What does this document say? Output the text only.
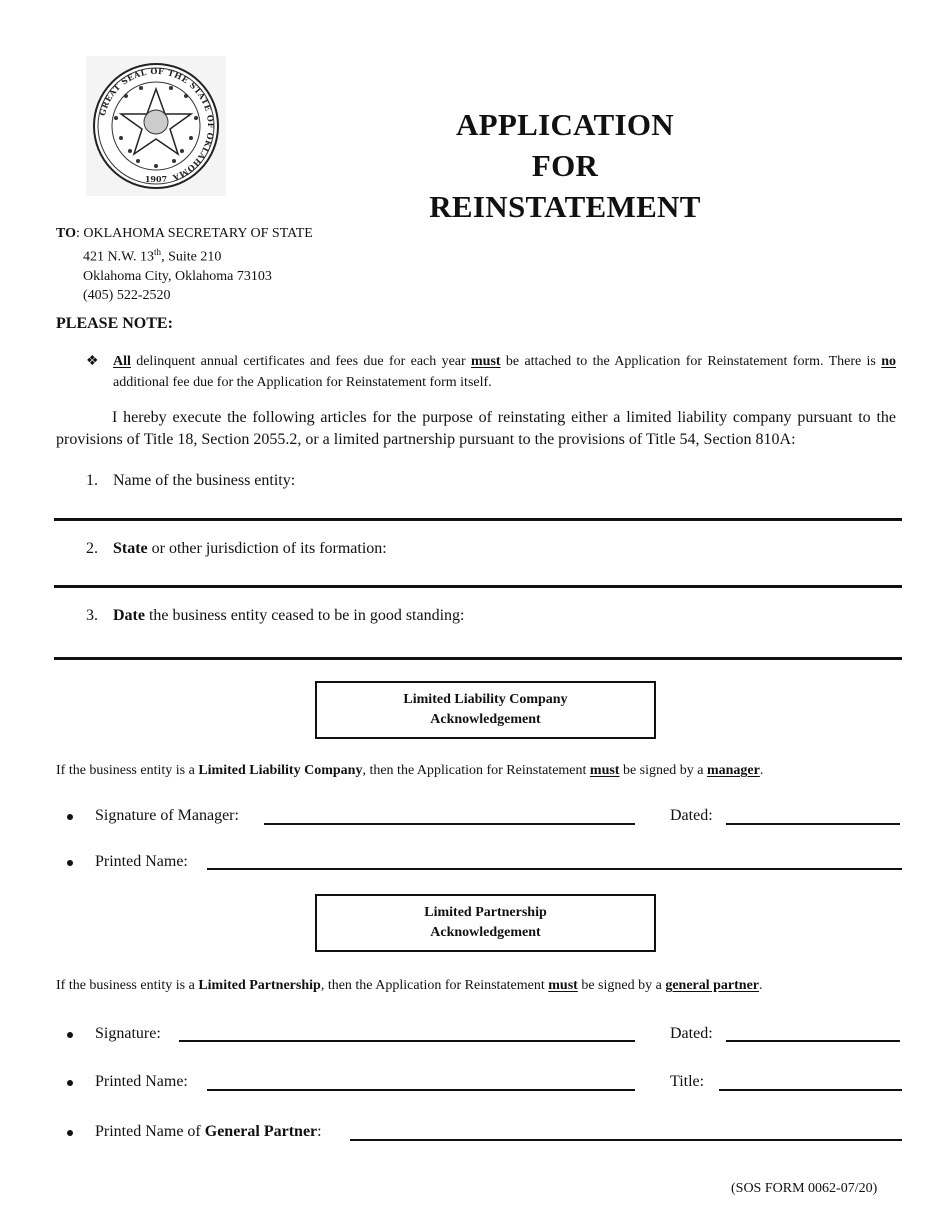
GREAT SEAL OF THE STATE OF OKLAHOMA
1907
APPLICATION
FOR
REINSTATEMENT
TO: OKLAHOMA SECRETARY OF STATE
421 N.W. 13th, Suite 210
Oklahoma City, Oklahoma 73103
(405) 522-2520
PLEASE NOTE:
❖ All delinquent annual certificates and fees due for each year must be attached to the Application for Reinstatement form. There is no additional fee due for the Application for Reinstatement form itself.
I hereby execute the following articles for the purpose of reinstating either a limited liability company pursuant to the provisions of Title 18, Section 2055.2, or a limited partnership pursuant to the provisions of Title 54, Section 810A:
1. Name of the business entity:
2. State or other jurisdiction of its formation:
3. Date the business entity ceased to be in good standing:
Limited Liability Company
Acknowledgement
If the business entity is a Limited Liability Company, then the Application for Reinstatement must be signed by a manager.
Signature of Manager:	Dated:
Printed Name:
Limited Partnership
Acknowledgement
If the business entity is a Limited Partnership, then the Application for Reinstatement must be signed by a general partner.
Signature:	Dated:
Printed Name:	Title:
Printed Name of General Partner:
(SOS FORM 0062-07/20)
